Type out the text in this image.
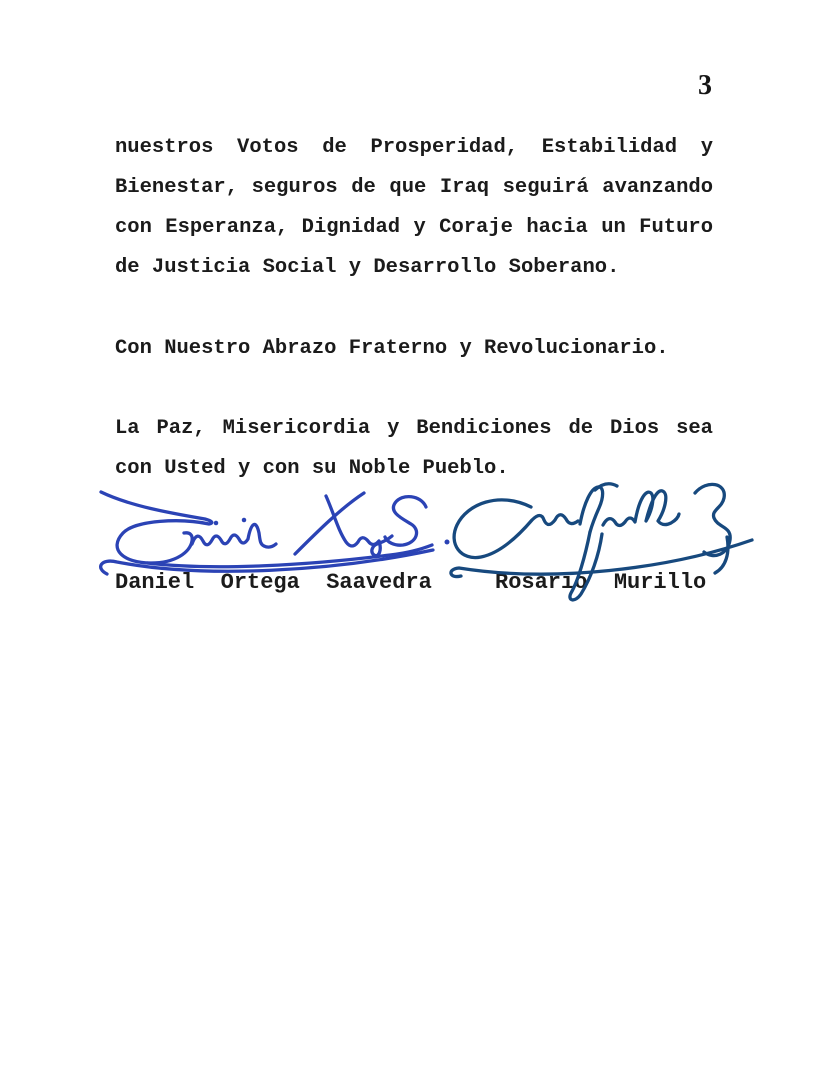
3
nuestros Votos de Prosperidad, Estabilidad y
Bienestar, seguros de que Iraq seguirá avanzando
con Esperanza, Dignidad y Coraje hacia un Futuro
de Justicia Social y Desarrollo Soberano.
Con Nuestro Abrazo Fraterno y Revolucionario.
La Paz, Misericordia y Bendiciones de Dios sea
con Usted y con su Noble Pueblo.
Daniel  Ortega  Saavedra	Rosario  Murillo
